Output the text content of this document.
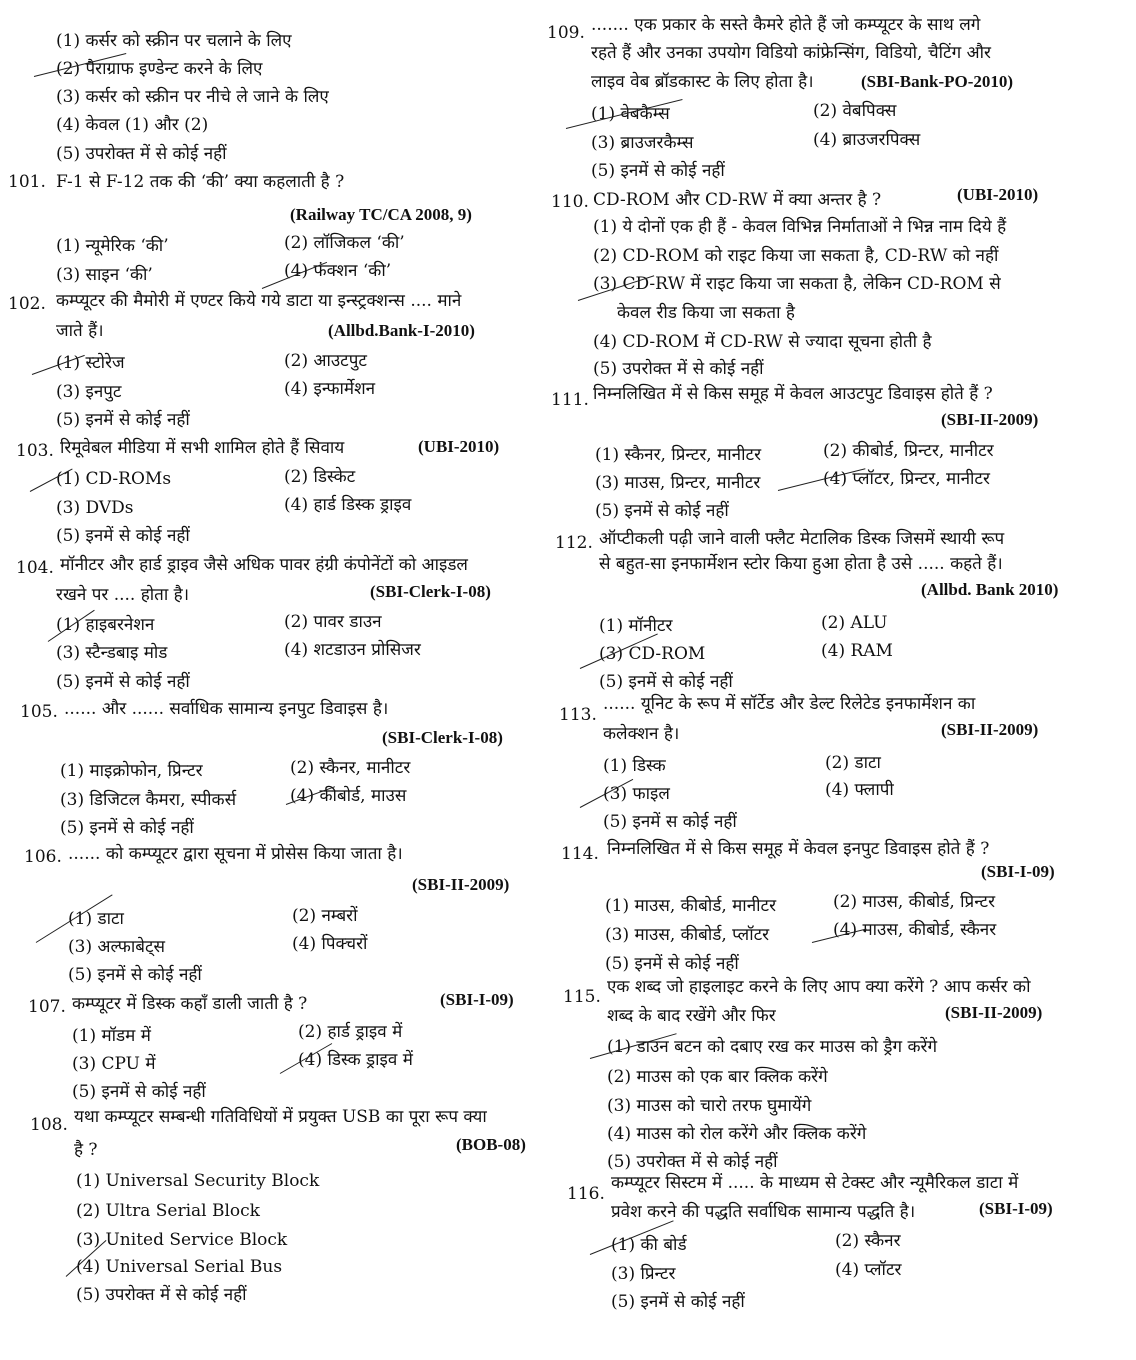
(1) कर्सर को स्क्रीन पर चलाने के लिए
(2) पैराग्राफ इण्डेन्ट करने के लिए
(3) कर्सर को स्क्रीन पर नीचे ले जाने के लिए
(4) केवल (1) और (2)
(5) उपरोक्त में से कोई नहीं
101. F-1 से F-12 तक की ‘की’ क्या कहलाती है ?
(Railway TC/CA 2008, 9)
(1) न्यूमेरिक ‘की’	(2) लॉजिकल ‘की’
(3) साइन ‘की’	(4) फंक्शन ‘की’
102. कम्प्यूटर की मैमोरी में एण्टर किये गये डाटा या इन्स्ट्रक्शन्स .... माने
जाते हैं।	(Allbd.Bank-I-2010)
(1) स्टोरेज	(2) आउटपुट
(3) इनपुट	(4) इन्फार्मेशन
(5) इनमें से कोई नहीं
103. रिमूवेबल मीडिया में सभी शामिल होते हैं सिवाय	(UBI-2010)
(1) CD-ROMs	(2) डिस्केट
(3) DVDs	(4) हार्ड डिस्क ड्राइव
(5) इनमें से कोई नहीं
104. मॉनीटर और हार्ड ड्राइव जैसे अधिक पावर हंग्री कंपोनेंटों को आइडल
रखने पर .... होता है।	(SBI-Clerk-I-08)
(1) हाइबरनेशन	(2) पावर डाउन
(3) स्टैन्डबाइ मोड	(4) शटडाउन प्रोसिजर
(5) इनमें से कोई नहीं
105. ...... और ...... सर्वाधिक सामान्य इनपुट डिवाइस है।
(SBI-Clerk-I-08)
(1) माइक्रोफोन, प्रिन्टर	(2) स्कैनर, मानीटर
(3) डिजिटल कैमरा, स्पीकर्स	(4) कीबोर्ड, माउस
(5) इनमें से कोई नहीं
106. ...... को कम्प्यूटर द्वारा सूचना में प्रोसेस किया जाता है।
(SBI-II-2009)
(1) डाटा	(2) नम्बरों
(3) अल्फाबेट्स	(4) पिक्चरों
(5) इनमें से कोई नहीं
107. कम्प्यूटर में डिस्क कहाँ डाली जाती है ?	(SBI-I-09)
(1) मॉडम में	(2) हार्ड ड्राइव में
(3) CPU में	(4) डिस्क ड्राइव में
(5) इनमें से कोई नहीं
108. यथा कम्प्यूटर सम्बन्धी गतिविधियों में प्रयुक्त USB का पूरा रूप क्या
है ?	(BOB-08)
(1) Universal Security Block
(2) Ultra Serial Block
(3) United Service Block
(4) Universal Serial Bus
(5) उपरोक्त में से कोई नहीं
109. ....... एक प्रकार के सस्ते कैमरे होते हैं जो कम्प्यूटर के साथ लगे
रहते हैं और उनका उपयोग विडियो कांफ्रेन्सिंग, विडियो, चैटिंग और
लाइव वेब ब्रॉडकास्ट के लिए होता है।	(SBI-Bank-PO-2010)
(1) वेबकैम्स	(2) वेबपिक्स
(3) ब्राउजरकैम्स	(4) ब्राउजरपिक्स
(5) इनमें से कोई नहीं
110. CD-ROM और CD-RW में क्या अन्तर है ?	(UBI-2010)
(1) ये दोनों एक ही हैं - केवल विभिन्न निर्माताओं ने भिन्न नाम दिये हैं
(2) CD-ROM को राइट किया जा सकता है, CD-RW को नहीं
(3) CD-RW में राइट किया जा सकता है, लेकिन CD-ROM से
केवल रीड किया जा सकता है
(4) CD-ROM में CD-RW से ज्यादा सूचना होती है
(5) उपरोक्त में से कोई नहीं
111. निम्नलिखित में से किस समूह में केवल आउटपुट डिवाइस होते हैं ?
(SBI-II-2009)
(1) स्कैनर, प्रिन्टर, मानीटर	(2) कीबोर्ड, प्रिन्टर, मानीटर
(3) माउस, प्रिन्टर, मानीटर	(4) प्लॉटर, प्रिन्टर, मानीटर
(5) इनमें से कोई नहीं
112. ऑप्टीकली पढ़ी जाने वाली फ्लैट मेटालिक डिस्क जिसमें स्थायी रूप
से बहुत-सा इनफार्मेशन स्टोर किया हुआ होता है उसे ..... कहते हैं।
(Allbd. Bank 2010)
(1) मॉनीटर	(2) ALU
(3) CD-ROM	(4) RAM
(5) इनमें से कोई नहीं
113.
...... यूनिट के रूप में सॉर्टेड और डेल्ट रिलेटेड इनफार्मेशन का
कलेक्शन है।	(SBI-II-2009)
(1) डिस्क	(2) डाटा
(3) फाइल	(4) फ्लापी
(5) इनमें स कोई नहीं
114. निम्नलिखित में से किस समूह में केवल इनपुट डिवाइस होते हैं ?
(SBI-I-09)
(1) माउस, कीबोर्ड, मानीटर	(2) माउस, कीबोर्ड, प्रिन्टर
(3) माउस, कीबोर्ड, प्लॉटर	(4) माउस, कीबोर्ड, स्कैनर
(5) इनमें से कोई नहीं
115. एक शब्द जो हाइलाइट करने के लिए आप क्या करेंगे ? आप कर्सर को
शब्द के बाद रखेंगे और फिर	(SBI-II-2009)
(1) डाउन बटन को दबाए रख कर माउस को ड्रैग करेंगे
(2) माउस को एक बार क्लिक करेंगे
(3) माउस को चारो तरफ घुमायेंगे
(4) माउस को रोल करेंगे और क्लिक करेंगे
(5) उपरोक्त में से कोई नहीं
116.
कम्प्यूटर सिस्टम में ..... के माध्यम से टेक्स्ट और न्यूमैरिकल डाटा में
प्रवेश करने की पद्धति सर्वाधिक सामान्य पद्धति है।	(SBI-I-09)
(1) की बोर्ड	(2) स्कैनर
(3) प्रिन्टर	(4) प्लॉटर
(5) इनमें से कोई नहीं
